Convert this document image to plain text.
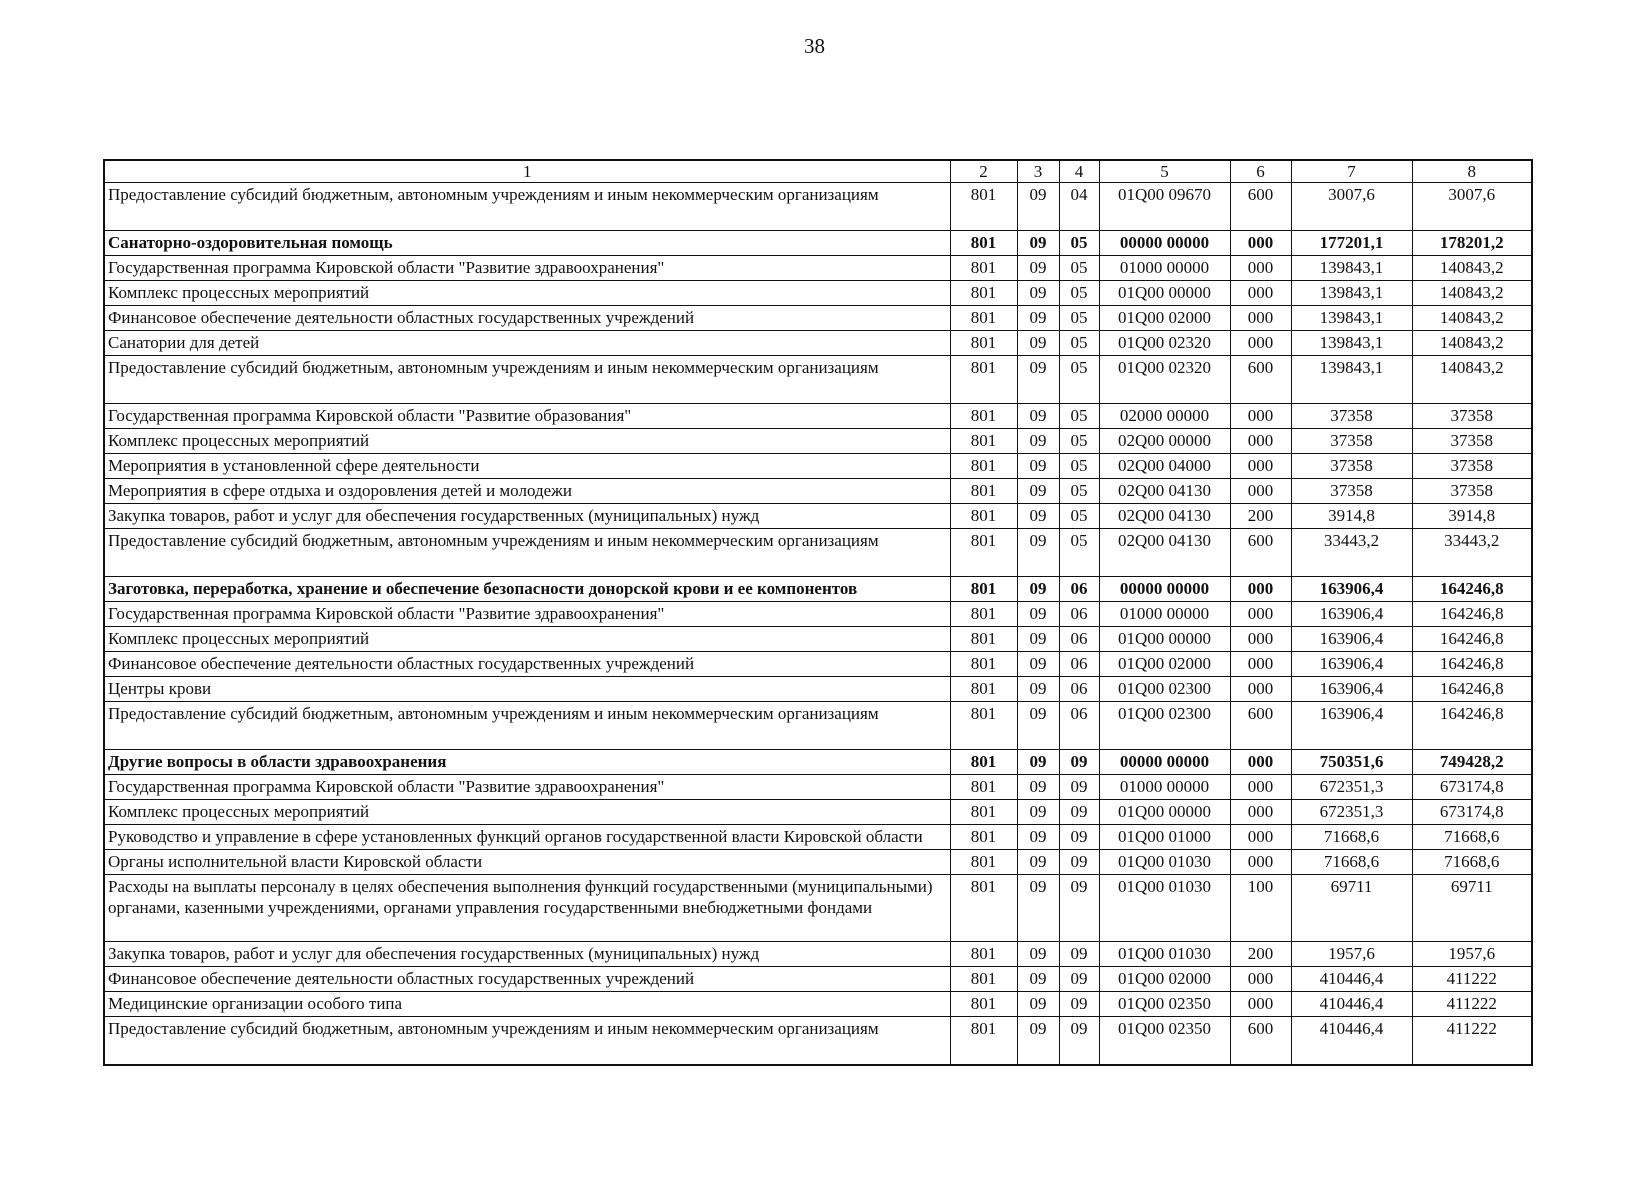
38
1	2	3	4	5	6	7	8
Предоставление субсидий бюджетным, автономным учреждениям и иным некоммерческим организациям	801	09	04	01Q00 09670	600	3007,6	3007,6
Санаторно-оздоровительная помощь	801	09	05	00000 00000	000	177201,1	178201,2
Государственная программа Кировской области "Развитие здравоохранения"	801	09	05	01000 00000	000	139843,1	140843,2
Комплекс процессных мероприятий	801	09	05	01Q00 00000	000	139843,1	140843,2
Финансовое обеспечение деятельности областных государственных учреждений	801	09	05	01Q00 02000	000	139843,1	140843,2
Санатории для детей	801	09	05	01Q00 02320	000	139843,1	140843,2
Предоставление субсидий бюджетным, автономным учреждениям и иным некоммерческим организациям	801	09	05	01Q00 02320	600	139843,1	140843,2
Государственная программа Кировской области "Развитие образования"	801	09	05	02000 00000	000	37358	37358
Комплекс процессных мероприятий	801	09	05	02Q00 00000	000	37358	37358
Мероприятия в установленной сфере деятельности	801	09	05	02Q00 04000	000	37358	37358
Мероприятия в сфере отдыха и оздоровления детей и молодежи	801	09	05	02Q00 04130	000	37358	37358
Закупка товаров, работ и услуг для обеспечения государственных (муниципальных) нужд	801	09	05	02Q00 04130	200	3914,8	3914,8
Предоставление субсидий бюджетным, автономным учреждениям и иным некоммерческим организациям	801	09	05	02Q00 04130	600	33443,2	33443,2
Заготовка, переработка, хранение и обеспечение безопасности донорской крови и ее компонентов	801	09	06	00000 00000	000	163906,4	164246,8
Государственная программа Кировской области "Развитие здравоохранения"	801	09	06	01000 00000	000	163906,4	164246,8
Комплекс процессных мероприятий	801	09	06	01Q00 00000	000	163906,4	164246,8
Финансовое обеспечение деятельности областных государственных учреждений	801	09	06	01Q00 02000	000	163906,4	164246,8
Центры крови	801	09	06	01Q00 02300	000	163906,4	164246,8
Предоставление субсидий бюджетным, автономным учреждениям и иным некоммерческим организациям	801	09	06	01Q00 02300	600	163906,4	164246,8
Другие вопросы в области здравоохранения	801	09	09	00000 00000	000	750351,6	749428,2
Государственная программа Кировской области "Развитие здравоохранения"	801	09	09	01000 00000	000	672351,3	673174,8
Комплекс процессных мероприятий	801	09	09	01Q00 00000	000	672351,3	673174,8
Руководство и управление в сфере установленных функций органов государственной власти Кировской области	801	09	09	01Q00 01000	000	71668,6	71668,6
Органы исполнительной власти Кировской области	801	09	09	01Q00 01030	000	71668,6	71668,6
Расходы на выплаты персоналу в целях обеспечения выполнения функций государственными (муниципальными) органами, казенными учреждениями, органами управления государственными внебюджетными фондами	801	09	09	01Q00 01030	100	69711	69711
Закупка товаров, работ и услуг для обеспечения государственных (муниципальных) нужд	801	09	09	01Q00 01030	200	1957,6	1957,6
Финансовое обеспечение деятельности областных государственных учреждений	801	09	09	01Q00 02000	000	410446,4	411222
Медицинские организации особого типа	801	09	09	01Q00 02350	000	410446,4	411222
Предоставление субсидий бюджетным, автономным учреждениям и иным некоммерческим организациям	801	09	09	01Q00 02350	600	410446,4	411222
